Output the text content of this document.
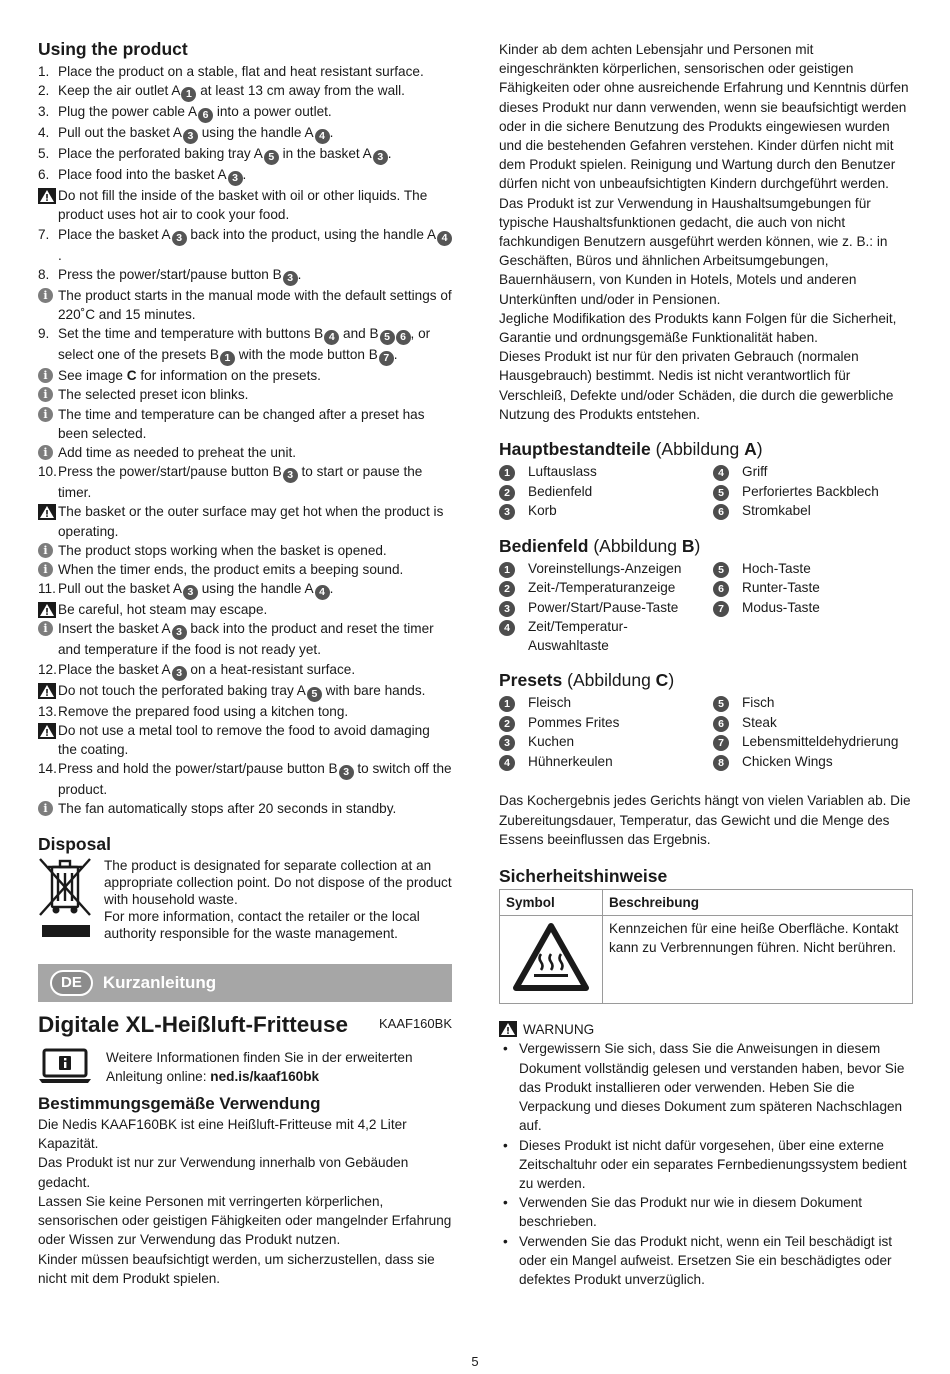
Using the product
1. Place the product on a stable, flat and heat resistant surface.
2. Keep the air outlet A 1 at least 13 cm away from the wall.
3. Plug the power cable A 6 into a power outlet.
4. Pull out the basket A 3 using the handle A 4 .
5. Place the perforated baking tray A 5 in the basket A 3 .
6. Place food into the basket A 3 .
Do not fill the inside of the basket with oil or other liquids. The product uses hot air to cook your food.
7. Place the basket A 3 back into the product, using the handle A 4.
8. Press the power/start/pause button B 3 .
i The product starts in the manual mode with the default settings of 220˚C and 15 minutes.
9. Set the time and temperature with buttons B 4 and B 5 6 , or select one of the presets B 1 with the mode button B 7 .
i See image C for information on the presets.
i The selected preset icon blinks.
i The time and temperature can be changed after a preset has been selected.
i Add time as needed to preheat the unit.
10. Press the power/start/pause button B 3 to start or pause the timer.
The basket or the outer surface may get hot when the product is operating.
i The product stops working when the basket is opened.
i When the timer ends, the product emits a beeping sound.
11. Pull out the basket A 3 using the handle A 4 .
Be careful, hot steam may escape.
i Insert the basket A 3 back into the product and reset the timer and temperature if the food is not ready yet.
12. Place the basket A 3 on a heat-resistant surface.
Do not touch the perforated baking tray A 5 with bare hands.
13. Remove the prepared food using a kitchen tong.
Do not use a metal tool to remove the food to avoid damaging the coating.
14. Press and hold the power/start/pause button B 3 to switch off the product.
i The fan automatically stops after 20 seconds in standby.
Disposal
The product is designated for separate collection at an appropriate collection point. Do not dispose of the product with household waste.
For more information, contact the retailer or the local authority responsible for the waste management.
DE	Kurzanleitung
Digitale XL-Heißluft-Fritteuse KAAF160BK
Weitere Informationen finden Sie in der erweiterten Anleitung online: ned.is/kaaf160bk
Bestimmungsgemäße Verwendung
Die Nedis KAAF160BK ist eine Heißluft-Fritteuse mit 4,2 Liter Kapazität.
Das Produkt ist nur zur Verwendung innerhalb von Gebäuden gedacht.
Lassen Sie keine Personen mit verringerten körperlichen, sensorischen oder geistigen Fähigkeiten oder mangelnder Erfahrung oder Wissen zur Verwendung das Produkt nutzen.
Kinder müssen beaufsichtigt werden, um sicherzustellen, dass sie nicht mit dem Produkt spielen.
Kinder ab dem achten Lebensjahr und Personen mit eingeschränkten körperlichen, sensorischen oder geistigen Fähigkeiten oder ohne ausreichende Erfahrung und Kenntnis dürfen dieses Produkt nur dann verwenden, wenn sie beaufsichtigt werden oder in die sichere Benutzung des Produkts eingewiesen wurden und die bestehenden Gefahren verstehen. Kinder dürfen nicht mit dem Produkt spielen. Reinigung und Wartung durch den Benutzer dürfen nicht von unbeaufsichtigten Kindern durchgeführt werden.
Das Produkt ist zur Verwendung in Haushaltsumgebungen für typische Haushaltsfunktionen gedacht, die auch von nicht fachkundigen Benutzern ausgeführt werden können, wie z. B.: in Geschäften, Büros und ähnlichen Arbeitsumgebungen, Bauernhäusern, von Kunden in Hotels, Motels und anderen Unterkünften und/oder in Pensionen.
Jegliche Modifikation des Produkts kann Folgen für die Sicherheit, Garantie und ordnungsgemäße Funktionalität haben.
Dieses Produkt ist nur für den privaten Gebrauch (normalen Hausgebrauch) bestimmt. Nedis ist nicht verantwortlich für Verschleiß, Defekte und/oder Schäden, die durch die gewerbliche Nutzung des Produkts entstehen.
Hauptbestandteile (Abbildung A)
1	Luftauslass	4	Griff
2	Bedienfeld	5	Perforiertes Backblech
3	Korb	6	Stromkabel
Bedienfeld (Abbildung B)
1	Voreinstellungs-Anzeigen	5	Hoch-Taste
2	Zeit-/Temperaturanzeige	6	Runter-Taste
3	Power/Start/Pause-Taste	7	Modus-Taste
4	Zeit/Temperatur-Auswahltaste
Presets (Abbildung C)
1	Fleisch	5	Fisch
2	Pommes Frites	6	Steak
3	Kuchen	7	Lebensmitteldehydrierung
4	Hühnerkeulen	8	Chicken Wings
Das Kochergebnis jedes Gerichts hängt von vielen Variablen ab. Die Zubereitungsdauer, Temperatur, das Gewicht und die Menge des Essens beeinflussen das Ergebnis.
Sicherheitshinweise
Symbol	Beschreibung
	Kennzeichen für eine heiße Oberfläche. Kontakt kann zu Verbrennungen führen. Nicht berühren.
WARNUNG
• Vergewissern Sie sich, dass Sie die Anweisungen in diesem Dokument vollständig gelesen und verstanden haben, bevor Sie das Produkt installieren oder verwenden. Heben Sie die Verpackung und dieses Dokument zum späteren Nachschlagen auf.
• Dieses Produkt ist nicht dafür vorgesehen, über eine externe Zeitschaltuhr oder ein separates Fernbedienungssystem bedient zu werden.
• Verwenden Sie das Produkt nur wie in diesem Dokument beschrieben.
• Verwenden Sie das Produkt nicht, wenn ein Teil beschädigt ist oder ein Mangel aufweist. Ersetzen Sie ein beschädigtes oder defektes Produkt unverzüglich.
5
